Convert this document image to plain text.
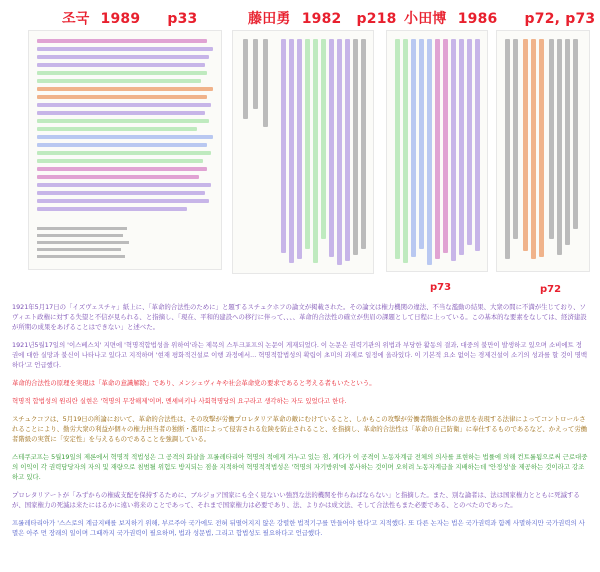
조국 1989 p33	藤田勇 1982 p218 小田博 1986 p72, p73
p73	p72

1921年5月17日の「イズヴェスチャ」紙上に、「革命的合法性のために」と題するスチュクホフの論文が掲載された。その論文は権力機関の違法、不当な濫動の結果、大衆の間に不満が生じており、ソヴィエト政権に対する失望と不信が見られる、と指摘し、「現在、平和的建設への移行に伴って、、、、革命的合法性の確立が焦眉の課題として日程に上っている。この基本的な要素をなしては、経済建設が所期の成果をあげることはできない」と述べた。

1921년5월17일의 '이스베스치' 지면에 '혁명적합법성을 위하여'라는 제목의 스투크포프의 논문이 게재되었다. 이 논문은 권력기관의 위법과 부당한 활동의 결과, 대중의 불만이 발생하고 있으며 소비에트 정권에 대한 실망과 불신이 나타나고 있다고 지적하며 '현재 평화적건설로 이행 과정에서... 혁명적합법성의 확립이 초미의 과제로 일정에 올라있다. 이 기본적 요소 없이는 경제건설이 소기의 성과를 할 것이 명백하다'고 언급했다.

革命的合法性の原理を実現は「革命の意識解除」であり、メンシェヴィキや社会革命党の要求であると考える者もいたという。

혁명적 합법성의 원리란 실현은 '혁명의 무장해제'이며, 멘셰비키나 사회혁명당의 요구라고 생각하는 자도 있었다고 한다.

スチュクコフは、5月19日の所論において、革命的合法性は、その攻撃が労働プロレタリア革命の敵にむけていること、しかもこの攻撃が労働者階級全体の意思を表現する法律によってコントロールされることにより、勤労大衆の利益が個々の権力担当者の独断・濫用によって侵害される危険を防止されること、を指摘し、革命的合法性は「革命の自己防衛」に奉仕するものであるなど、かえって労働者階級の実質に「安定性」を与えるものであることを強調している。

스테쿠코프는 5월19일의 제론에서 혁명적 적법성은 그 공격의 화살을 프롤레타리아 혁명의 적에게 겨누고 있는 점, 게다가 이 공격이 노동자계급 전체의 의사를 표현하는 법률에 의해 컨트롤됨으로써 근로대중의 이익이 각 권력담당자의 자의 및 재량으로 침범될 위험도 방지되는 점을 지적하여 혁명적적법성은 '혁명의 자기방위'에 봉사하는 것이며 오히려 노동자계급을 지배하는데 '안정성'을 제공하는 것이라고 강조하고 있다.

プロレタリアートが「みずからの権威支配を保持するために、ブルジョア国家にも全く見ないい強烈な法的機関を作らねばならない」と指摘した。また、別な論者は、法は国家権力とともに死滅するが、国家権力の死滅は来たにはるかに遠い将来のことであって、それまで国家権力は必要であり、法、よりかは成文法、そして合法性もまた必要である、とのべたのであった。

프롤레타리아가 '스스로의 계급지배를 보지하기 위해, 부르주아 국가에도 전혀 뒤떨어지지 않은 강렬한 법적기구를 만들어야 한다'고 지적했다. 또 다른 논자는 법은 국가권력과 함께 사멸하지만 국가권력의 사멸은 아주 먼 장래의 일이며 그때까지 국가권력이 필요하며, 법과 성문법, 그리고 합법성도 필요하다고 언급했다.
